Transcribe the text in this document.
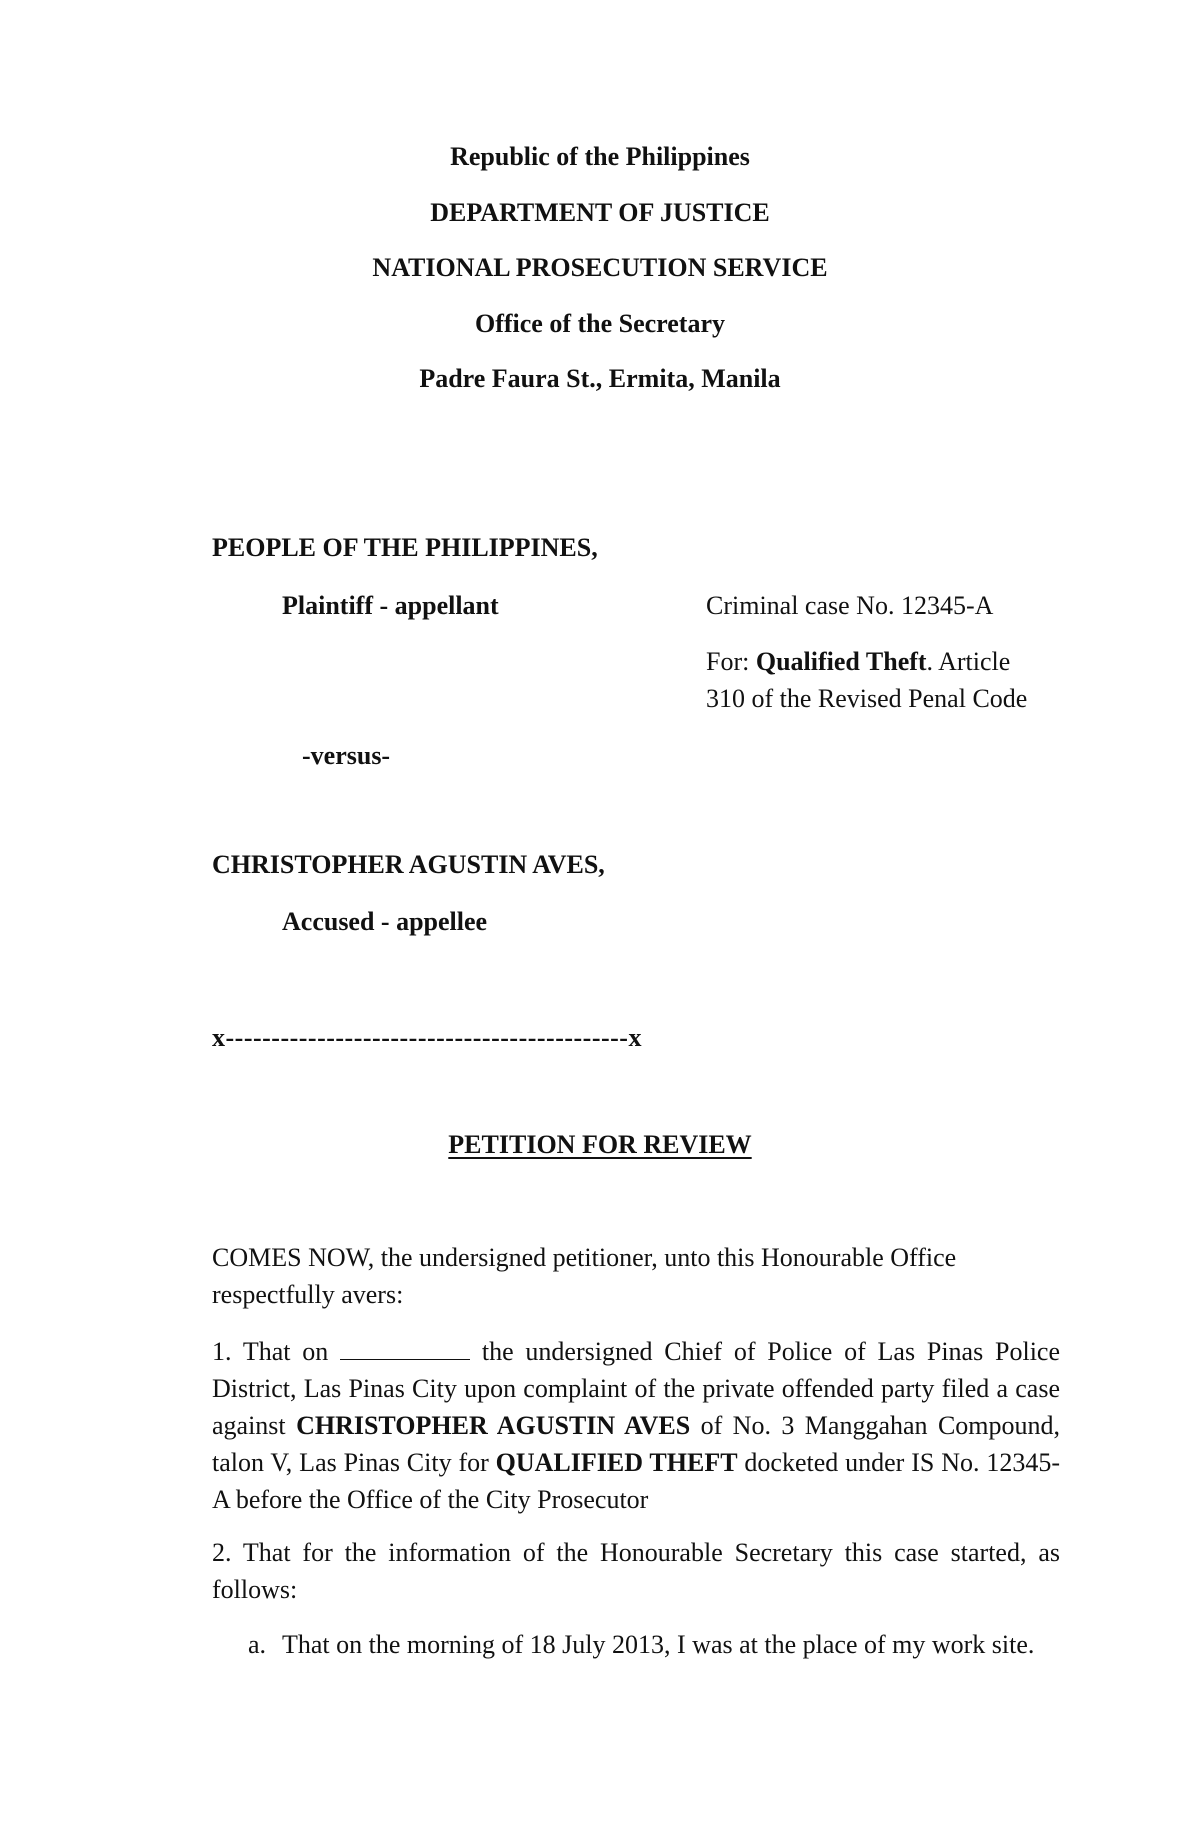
Republic of the Philippines
DEPARTMENT OF JUSTICE
NATIONAL PROSECUTION SERVICE
Office of the Secretary
Padre Faura St., Ermita, Manila
PEOPLE OF THE PHILIPPINES,
Plaintiff - appellant
-versus-
CHRISTOPHER AGUSTIN AVES,
Accused - appellee
Criminal case No. 12345-A
For: Qualified Theft. Article
310 of the Revised Penal Code
x--------------------------------------------x
PETITION FOR REVIEW
COMES NOW, the undersigned petitioner, unto this Honourable Office
respectfully avers:
1. That on	the undersigned Chief of Police of Las Pinas Police District, Las Pinas City upon complaint of the private offended party filed a case against CHRISTOPHER AGUSTIN AVES of No. 3 Manggahan Compound, talon V, Las Pinas City for QUALIFIED THEFT docketed under IS No. 12345-A before the Office of the City Prosecutor
2. That for the information of the Honourable Secretary this case started, as follows:
a. That on the morning of 18 July 2013, I was at the place of my work site.
